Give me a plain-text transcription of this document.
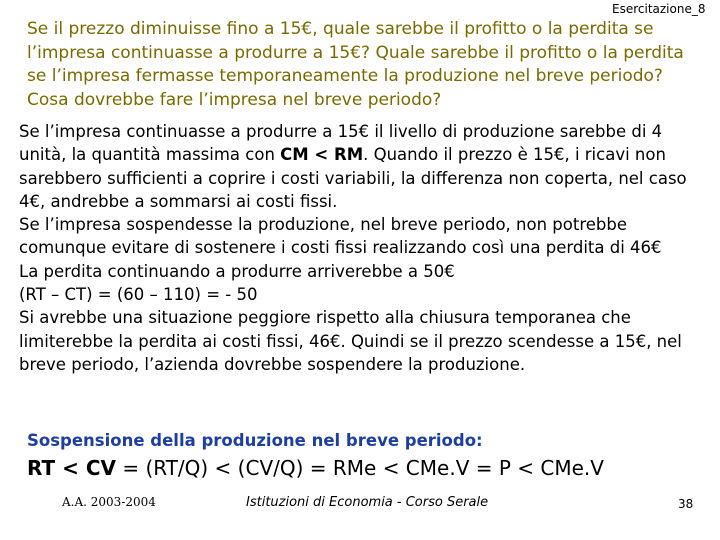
Esercitazione_8
Se il prezzo diminuisse fino a 15€, quale sarebbe il profitto o la perdita se l’impresa continuasse a produrre a 15€? Quale sarebbe il profitto o la perdita se l’impresa fermasse temporaneamente la produzione nel breve periodo? Cosa dovrebbe fare l’impresa nel breve periodo?

Se l’impresa continuasse a produrre a 15€ il livello di produzione sarebbe di 4 unità, la quantità massima con CM < RM. Quando il prezzo è 15€, i ricavi non sarebbero sufficienti a coprire i costi variabili, la differenza non coperta, nel caso 4€, andrebbe a sommarsi ai costi fissi.

Se l’impresa sospendesse la produzione, nel breve periodo, non potrebbe comunque evitare di sostenere i costi fissi realizzando così una perdita di 46€

La perdita continuando a produrre arriverebbe a 50€

(RT – CT) = (60 – 110) = - 50

Si avrebbe una situazione peggiore rispetto alla chiusura temporanea che limiterebbe la perdita ai costi fissi, 46€. Quindi se il prezzo scendesse a 15€, nel breve periodo, l’azienda dovrebbe sospendere la produzione.

Sospensione della produzione nel breve periodo:
RT < CV = (RT/Q) < (CV/Q) = RMe < CMe.V = P < CMe.V
A.A. 2003-2004	Istituzioni di Economia - Corso Serale	38
